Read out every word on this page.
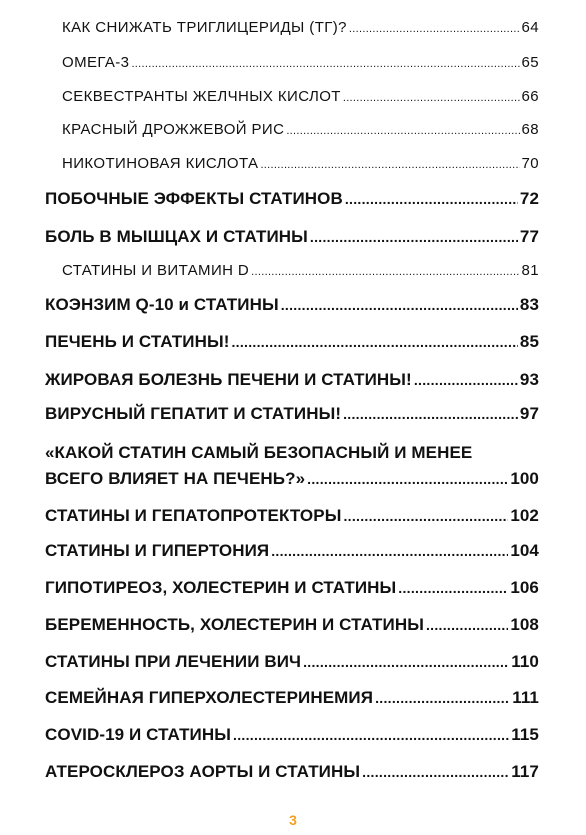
КАК СНИЖАТЬ ТРИГЛИЦЕРИДЫ (ТГ)? .....	64
ОМЕГА-3 .....	65
СЕКВЕСТРАНТЫ ЖЕЛЧНЫХ КИСЛОТ .....	66
КРАСНЫЙ ДРОЖЖЕВОЙ РИС .....	68
НИКОТИНОВАЯ КИСЛОТА .....	70
ПОБОЧНЫЕ ЭФФЕКТЫ СТАТИНОВ .....	72
БОЛЬ В МЫШЦАХ И СТАТИНЫ .....	77
СТАТИНЫ И ВИТАМИН D .....	81
КОЭНЗИМ Q-10 и СТАТИНЫ .....	83
ПЕЧЕНЬ И СТАТИНЫ! .....	85
ЖИРОВАЯ БОЛЕЗНЬ ПЕЧЕНИ И СТАТИНЫ! .....	93
ВИРУСНЫЙ ГЕПАТИТ И СТАТИНЫ! .....	97
«КАКОЙ СТАТИН САМЫЙ БЕЗОПАСНЫЙ И МЕНЕЕ
ВСЕГО ВЛИЯЕТ НА ПЕЧЕНЬ?» .....	100
СТАТИНЫ И ГЕПАТОПРОТЕКТОРЫ .....	102
СТАТИНЫ И ГИПЕРТОНИЯ .....	104
ГИПОТИРЕОЗ, ХОЛЕСТЕРИН И СТАТИНЫ .....	106
БЕРЕМЕННОСТЬ, ХОЛЕСТЕРИН И СТАТИНЫ .....	108
СТАТИНЫ ПРИ ЛЕЧЕНИИ ВИЧ .....	110
СЕМЕЙНАЯ ГИПЕРХОЛЕСТЕРИНЕМИЯ .....	111
COVID-19 И СТАТИНЫ .....	115
АТЕРОСКЛЕРОЗ АОРТЫ И СТАТИНЫ .....	117
3
